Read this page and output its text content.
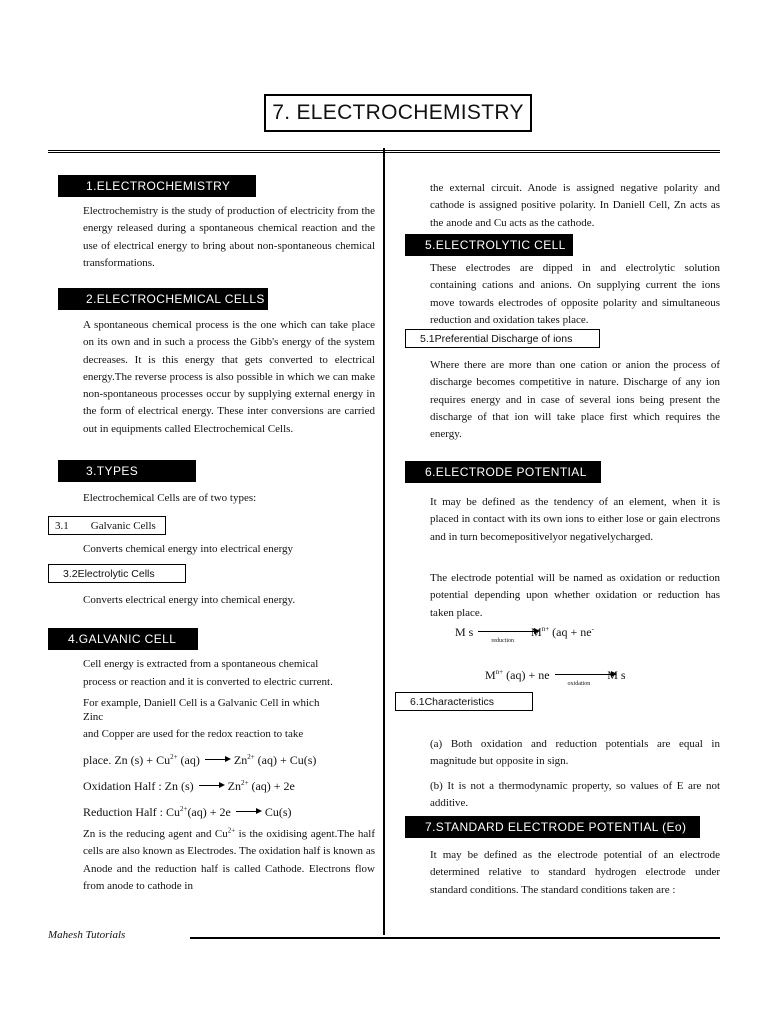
7. ELECTROCHEMISTRY
1.ELECTROCHEMISTRY
Electrochemistry is the study of production of electricity from the energy released during a spontaneous chemical reaction and the use of electrical energy to bring about non-spontaneous chemical transformations.
2.ELECTROCHEMICAL CELLS
A spontaneous chemical process is the one which can take place on its own and in such a process the Gibb's energy of the system decreases. It is this energy that gets converted to electrical energy.The reverse process is also possible in which we can make non-spontaneous processes occur by supplying external energy in the form of electrical energy. These inter conversions are carried out in equipments called Electrochemical Cells.
3.TYPES
Electrochemical Cells are of two types:
3.1 Galvanic Cells
Converts chemical energy into electrical energy
3.2Electrolytic Cells
Converts electrical energy into chemical energy.
4.GALVANIC CELL
Cell energy is extracted from a spontaneous chemical
process or reaction and it is converted to electric current.
For example, Daniell Cell is a Galvanic Cell in which
Zinc
and Copper are used for the redox reaction to take
place. Zn $(s) + Cu^{2+}$ $(aq) \to Zn^{2+}$ (aq) + Cu(s)
Oxidation Half : Zn (s)	$Zn^{2+}$ (aq) + 2e
Reduction Half : $Cu^{2+}(aq) + 2e$	Cu(s)
Zn is the reducing agent and $Cu^{2+}$ is the oxidising agent.The half cells are also known as Electrodes. The oxidation half is known as Anode and the reduction half is called Cathode. Electrons flow from anode to cathode in
the external circuit. Anode is assigned negative polarity and cathode is assigned positive polarity. In Daniell Cell, Zn acts as the anode and Cu acts as the cathode.
5.ELECTROLYTIC CELL
These electrodes are dipped in and electrolytic solution containing cations and anions. On supplying current the ions move towards electrodes of opposite polarity and simultaneous reduction and oxidation takes place.
5.1Preferential Discharge of ions
Where there are more than one cation or anion the process of discharge becomes competitive in nature. Discharge of any ion requires energy and in case of several ions being present the discharge of that ion will take place first which requires the energy.
6.ELECTRODE POTENTIAL
It may be defined as the tendency of an element, when it is placed in contact with its own ions to either lose or gain electrons and in turn becomepositivelyor negativelycharged.
The electrode potential will be named as oxidation or reduction potential depending upon whether oxidation or reduction has taken place.
M s  $_{reduction}$ $M^{n+}$ (aq + ne-
$M^{n+}$ (aq) + ne  $_{oxidation}$ M s
6.1Characteristics
(a) Both oxidation and reduction potentials are equal in magnitude but opposite in sign.
(b) It is not a thermodynamic property, so values of E are not additive.
7.STANDARD ELECTRODE POTENTIAL (Eo)
It may be defined as the electrode potential of an electrode determined relative to standard hydrogen electrode under standard conditions. The standard conditions taken are :
Mahesh Tutorials
